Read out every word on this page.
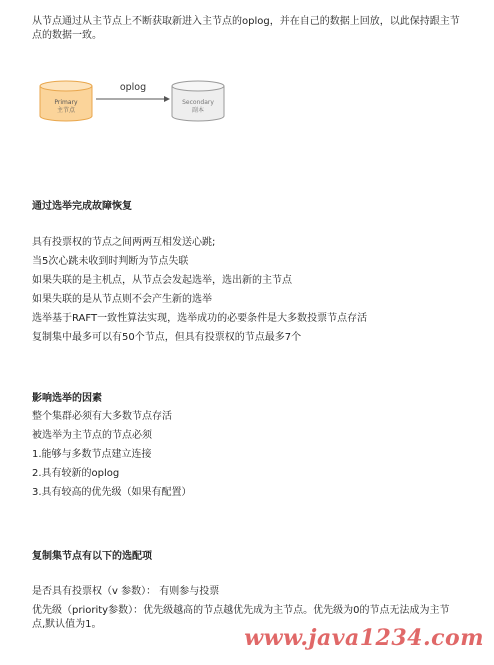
从节点通过从主节点上不断获取新进入主节点的oplog，并在自己的数据上回放，以此保持跟主节点的数据一致。
Primary
主节点
oplog
Secondary
副本
通过选举完成故障恢复
具有投票权的节点之间两两互相发送心跳;
当5次心跳未收到时判断为节点失联
如果失联的是主机点，从节点会发起选举，选出新的主节点
如果失联的是从节点则不会产生新的选举
选举基于RAFT一致性算法实现，选举成功的必要条件是大多数投票节点存活
复制集中最多可以有50个节点，但具有投票权的节点最多7个
影响选举的因素
整个集群必须有大多数节点存活
被选举为主节点的节点必须
1.能够与多数节点建立连接
2.具有较新的oplog
3.具有较高的优先级（如果有配置）
复制集节点有以下的选配项
是否具有投票权（v 参数）： 有则参与投票
优先级（priority参数）：优先级越高的节点越优先成为主节点。优先级为0的节点无法成为主节点,默认值为1。
www.java1234.com
